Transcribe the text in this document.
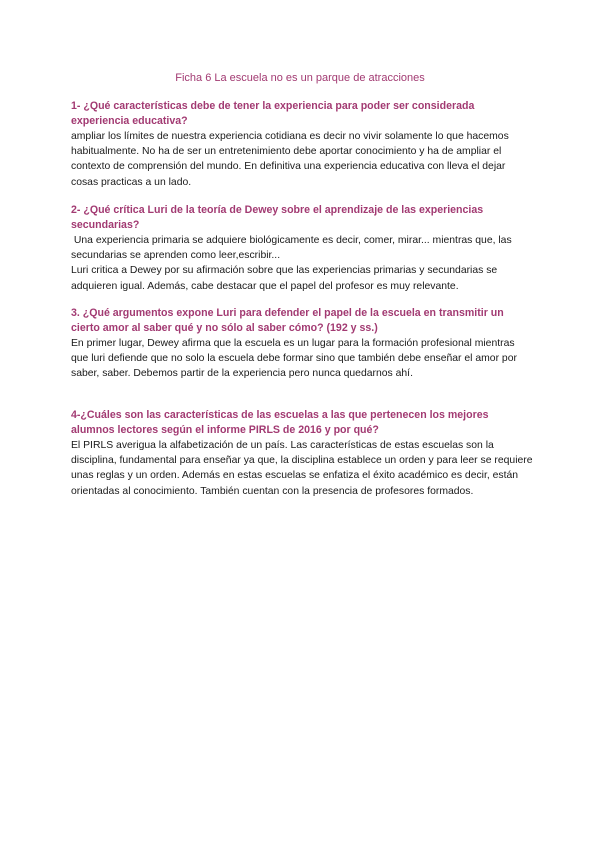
Ficha 6 La escuela no es un parque de atracciones
1- ¿Qué características debe de tener la experiencia para poder ser considerada experiencia educativa?

ampliar los límites de nuestra experiencia cotidiana es decir no vivir solamente lo que hacemos habitualmente. No ha de ser un entretenimiento debe aportar conocimiento y ha de ampliar el contexto de comprensión del mundo. En definitiva una experiencia educativa con lleva el dejar cosas practicas a un lado.

2- ¿Qué crítica Luri de la teoría de Dewey sobre el aprendizaje de las experiencias secundarias?

Una experiencia primaria se adquiere biológicamente es decir, comer, mirar... mientras que, las secundarias se aprenden como leer,escribir...

Luri critica a Dewey por su afirmación sobre que las experiencias primarias y secundarias se adquieren igual. Además, cabe destacar que el papel del profesor es muy relevante.

3. ¿Qué argumentos expone Luri para defender el papel de la escuela en transmitir un cierto amor al saber qué y no sólo al saber cómo? (192 y ss.)

En primer lugar, Dewey afirma que la escuela es un lugar para la formación profesional mientras que luri defiende que no solo la escuela debe formar sino que también debe enseñar el amor por saber, saber. Debemos partir de la experiencia pero nunca quedarnos ahí.

4-¿Cuáles son las características de las escuelas a las que pertenecen los mejores alumnos lectores según el informe PIRLS de 2016 y por qué?

El PIRLS averigua la alfabetización de un país. Las características de estas escuelas son la disciplina, fundamental para enseñar ya que, la disciplina establece un orden y para leer se requiere unas reglas y un orden. Además en estas escuelas se enfatiza el éxito académico es decir, están orientadas al conocimiento. También cuentan con la presencia de profesores formados.
